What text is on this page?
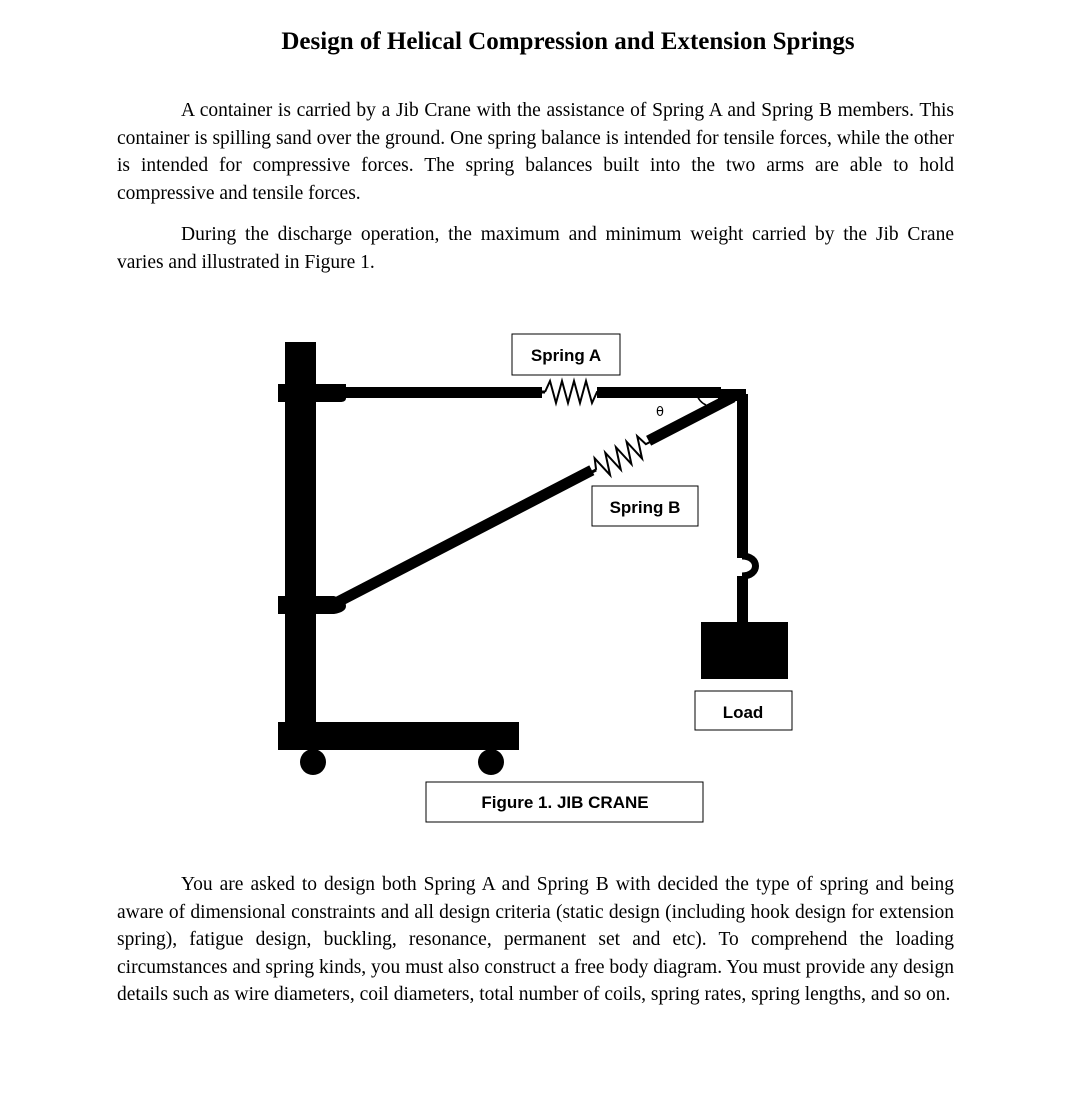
Design of Helical Compression and Extension Springs

A container is carried by a Jib Crane with the assistance of Spring A and Spring B members. This container is spilling sand over the ground. One spring balance is intended for tensile forces, while the other is intended for compressive forces. The spring balances built into the two arms are able to hold compressive and tensile forces.

During the discharge operation, the maximum and minimum weight carried by the Jib Crane varies and illustrated in Figure 1.

θ
Spring A
Spring B
Load
Figure 1. JIB CRANE

You are asked to design both Spring A and Spring B with decided the type of spring and being aware of dimensional constraints and all design criteria (static design (including hook design for extension spring), fatigue design, buckling, resonance, permanent set and etc). To comprehend the loading circumstances and spring kinds, you must also construct a free body diagram. You must provide any design details such as wire diameters, coil diameters, total number of coils, spring rates, spring lengths, and so on.
